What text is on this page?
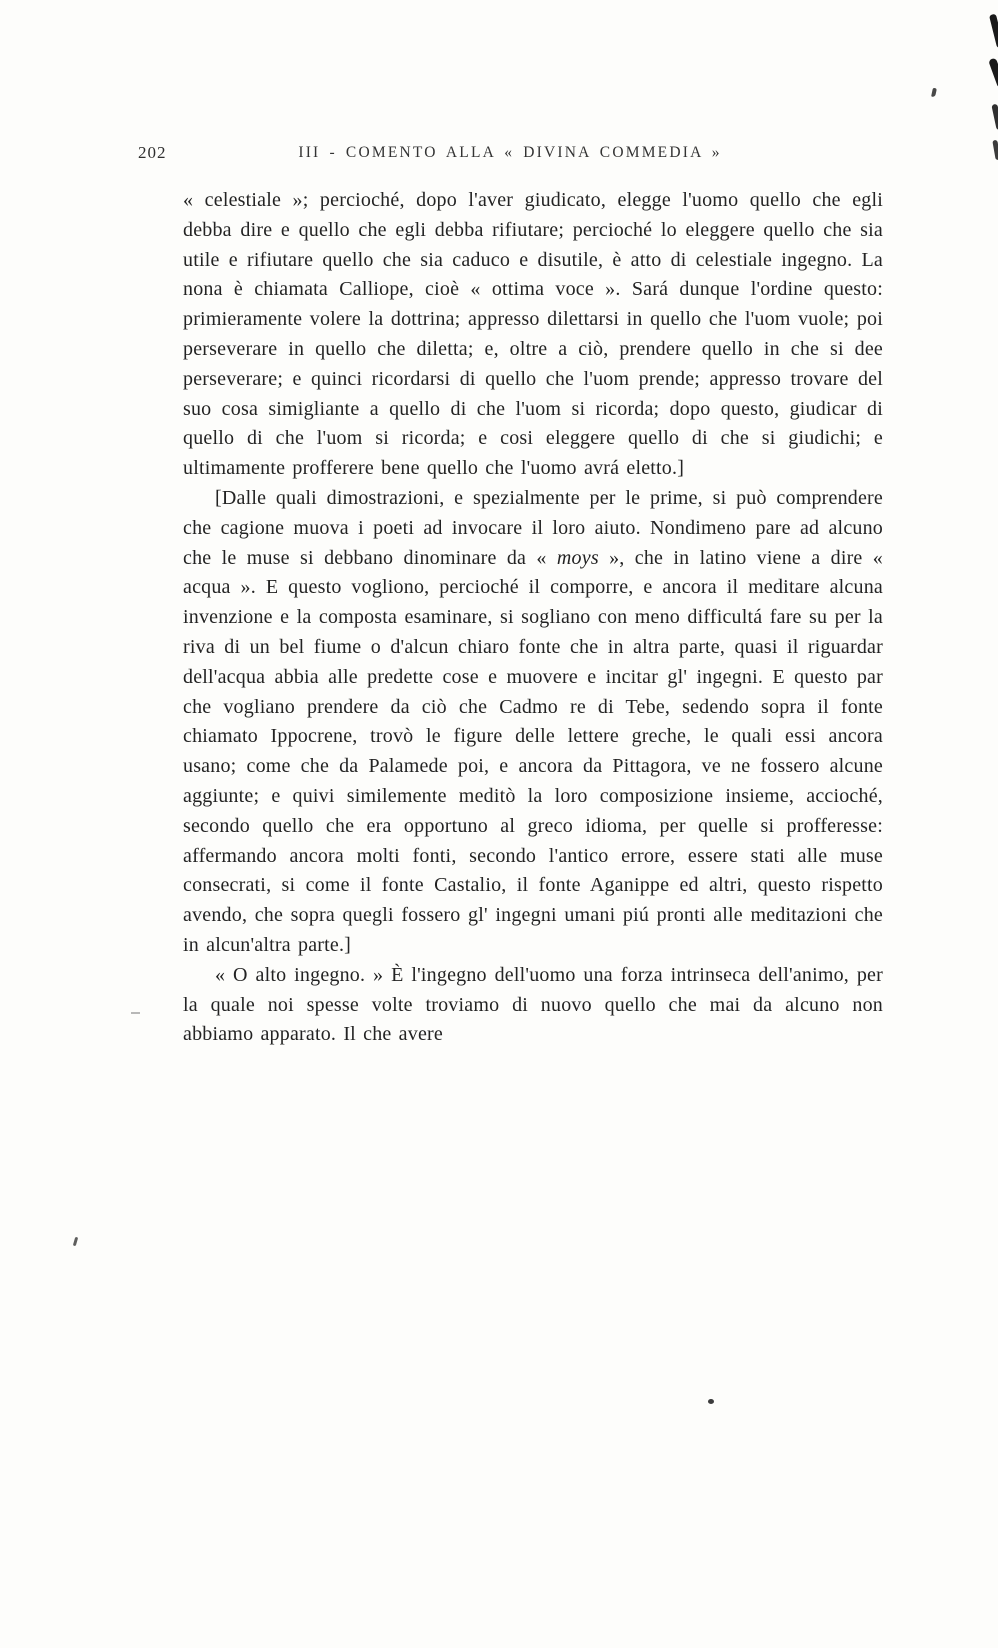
202	III - COMENTO ALLA « DIVINA COMMEDIA »

« celestiale »; percioché, dopo l'aver giudicato, elegge l'uomo quello che egli debba dire e quello che egli debba rifiutare; percioché lo eleggere quello che sia utile e rifiutare quello che sia caduco e disutile, è atto di celestiale ingegno. La nona è chiamata Calliope, cioè « ottima voce ». Sará dunque l'ordine questo: primieramente volere la dottrina; appresso dilettarsi in quello che l'uom vuole; poi perseverare in quello che diletta; e, oltre a ciò, prendere quello in che si dee perseverare; e quinci ricordarsi di quello che l'uom prende; appresso trovare del suo cosa simigliante a quello di che l'uom si ricorda; dopo questo, giudicar di quello di che l'uom si ricorda; e cosi eleggere quello di che si giudichi; e ultimamente profferere bene quello che l'uomo avrá eletto.]

[Dalle quali dimostrazioni, e spezialmente per le prime, si può comprendere che cagione muova i poeti ad invocare il loro aiuto. Nondimeno pare ad alcuno che le muse si debbano dinominare da « moys », che in latino viene a dire « acqua ». E questo vogliono, percioché il comporre, e ancora il meditare alcuna invenzione e la composta esaminare, si sogliano con meno difficultá fare su per la riva di un bel fiume o d'alcun chiaro fonte che in altra parte, quasi il riguardar dell'acqua abbia alle predette cose e muovere e incitar gl' ingegni. E questo par che vogliano prendere da ciò che Cadmo re di Tebe, sedendo sopra il fonte chiamato Ippocrene, trovò le figure delle lettere greche, le quali essi ancora usano; come che da Palamede poi, e ancora da Pittagora, ve ne fossero alcune aggiunte; e quivi similemente meditò la loro composizione insieme, accioché, secondo quello che era opportuno al greco idioma, per quelle si profferesse: affermando ancora molti fonti, secondo l'antico errore, essere stati alle muse consecrati, si come il fonte Castalio, il fonte Aganippe ed altri, questo rispetto avendo, che sopra quegli fossero gl' ingegni umani piú pronti alle meditazioni che in alcun'altra parte.]

« O alto ingegno. » È l'ingegno dell'uomo una forza intrinseca dell'animo, per la quale noi spesse volte troviamo di nuovo quello che mai da alcuno non abbiamo apparato. Il che avere
